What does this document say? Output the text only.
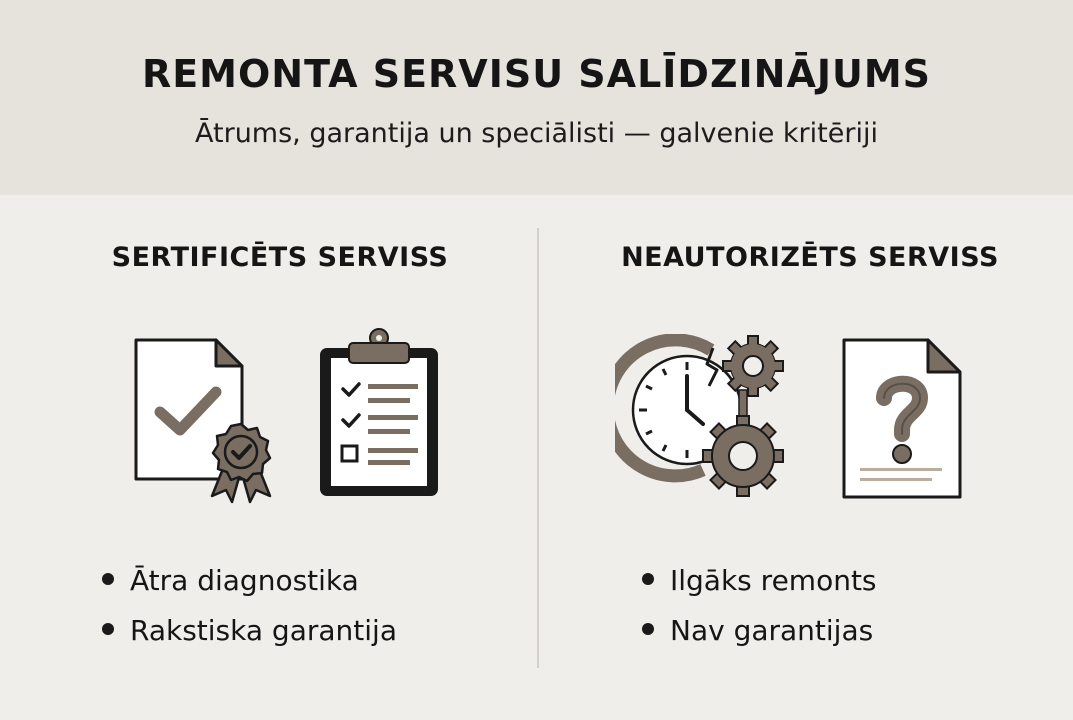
REMONTA SERVISU SALĪDZINĀJUMS
Ātrums, garantija un speciālisti — galvenie kritēriji
SERTIFICĒTS SERVISS
Ātra diagnostika
Rakstiska garantija
NEAUTORIZĒTS SERVISS
Ilgāks remonts
Nav garantijas
